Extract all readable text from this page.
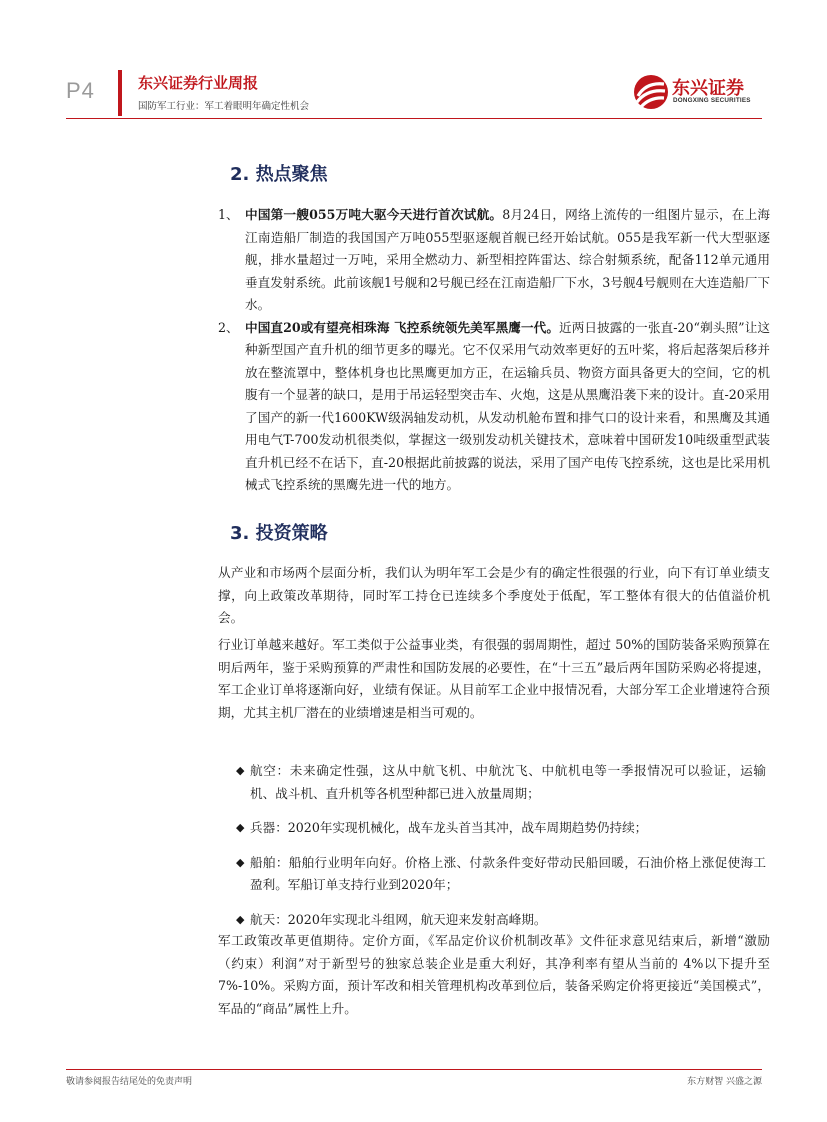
P4	东兴证券行业周报
国防军工行业：军工着眼明年确定性机会
东兴证券
DONGXING SECURITIES
2. 热点聚焦
1、 中国第一艘055万吨大驱今天进行首次试航。8月24日，网络上流传的一组图片显示，在上海江南造船厂制造的我国国产万吨055型驱逐舰首舰已经开始试航。055是我军新一代大型驱逐舰，排水量超过一万吨，采用全燃动力、新型相控阵雷达、综合射频系统，配备112单元通用垂直发射系统。此前该舰1号舰和2号舰已经在江南造船厂下水，3号舰4号舰则在大连造船厂下水。
2、 中国直20或有望亮相珠海 飞控系统领先美军黑鹰一代。近两日披露的一张直-20“剃头照”让这种新型国产直升机的细节更多的曝光。它不仅采用气动效率更好的五叶桨，将后起落架后移并放在整流罩中，整体机身也比黑鹰更加方正，在运输兵员、物资方面具备更大的空间，它的机腹有一个显著的缺口，是用于吊运轻型突击车、火炮，这是从黑鹰沿袭下来的设计。直-20采用了国产的新一代1600KW级涡轴发动机，从发动机舱布置和排气口的设计来看，和黑鹰及其通用电气T-700发动机很类似，掌握这一级别发动机关键技术，意味着中国研发10吨级重型武装直升机已经不在话下，直-20根据此前披露的说法，采用了国产电传飞控系统，这也是比采用机械式飞控系统的黑鹰先进一代的地方。
3. 投资策略

从产业和市场两个层面分析，我们认为明年军工会是少有的确定性很强的行业，向下有订单业绩支撑，向上政策改革期待，同时军工持仓已连续多个季度处于低配，军工整体有很大的估值溢价机会。

行业订单越来越好。军工类似于公益事业类，有很强的弱周期性，超过 50%的国防装备采购预算在明后两年，鉴于采购预算的严肃性和国防发展的必要性，在“十三五”最后两年国防采购必将提速，军工企业订单将逐渐向好，业绩有保证。从目前军工企业中报情况看，大部分军工企业增速符合预期，尤其主机厂潜在的业绩增速是相当可观的。

◆ 航空：未来确定性强，这从中航飞机、中航沈飞、中航机电等一季报情况可以验证，运输机、战斗机、直升机等各机型种都已进入放量周期；
◆ 兵器：2020年实现机械化，战车龙头首当其冲，战车周期趋势仍持续；
◆ 船舶：船舶行业明年向好。价格上涨、付款条件变好带动民船回暖，石油价格上涨促使海工盈利。军船订单支持行业到2020年；
◆ 航天：2020年实现北斗组网，航天迎来发射高峰期。

军工政策改革更值期待。定价方面，《军品定价议价机制改革》文件征求意见结束后，新增“激励（约束）利润”对于新型号的独家总装企业是重大利好，其净利率有望从当前的 4%以下提升至 7%-10%。采购方面，预计军改和相关管理机构改革到位后，装备采购定价将更接近“美国模式”，军品的“商品”属性上升。

敬请参阅报告结尾处的免责声明	东方财智 兴盛之源
